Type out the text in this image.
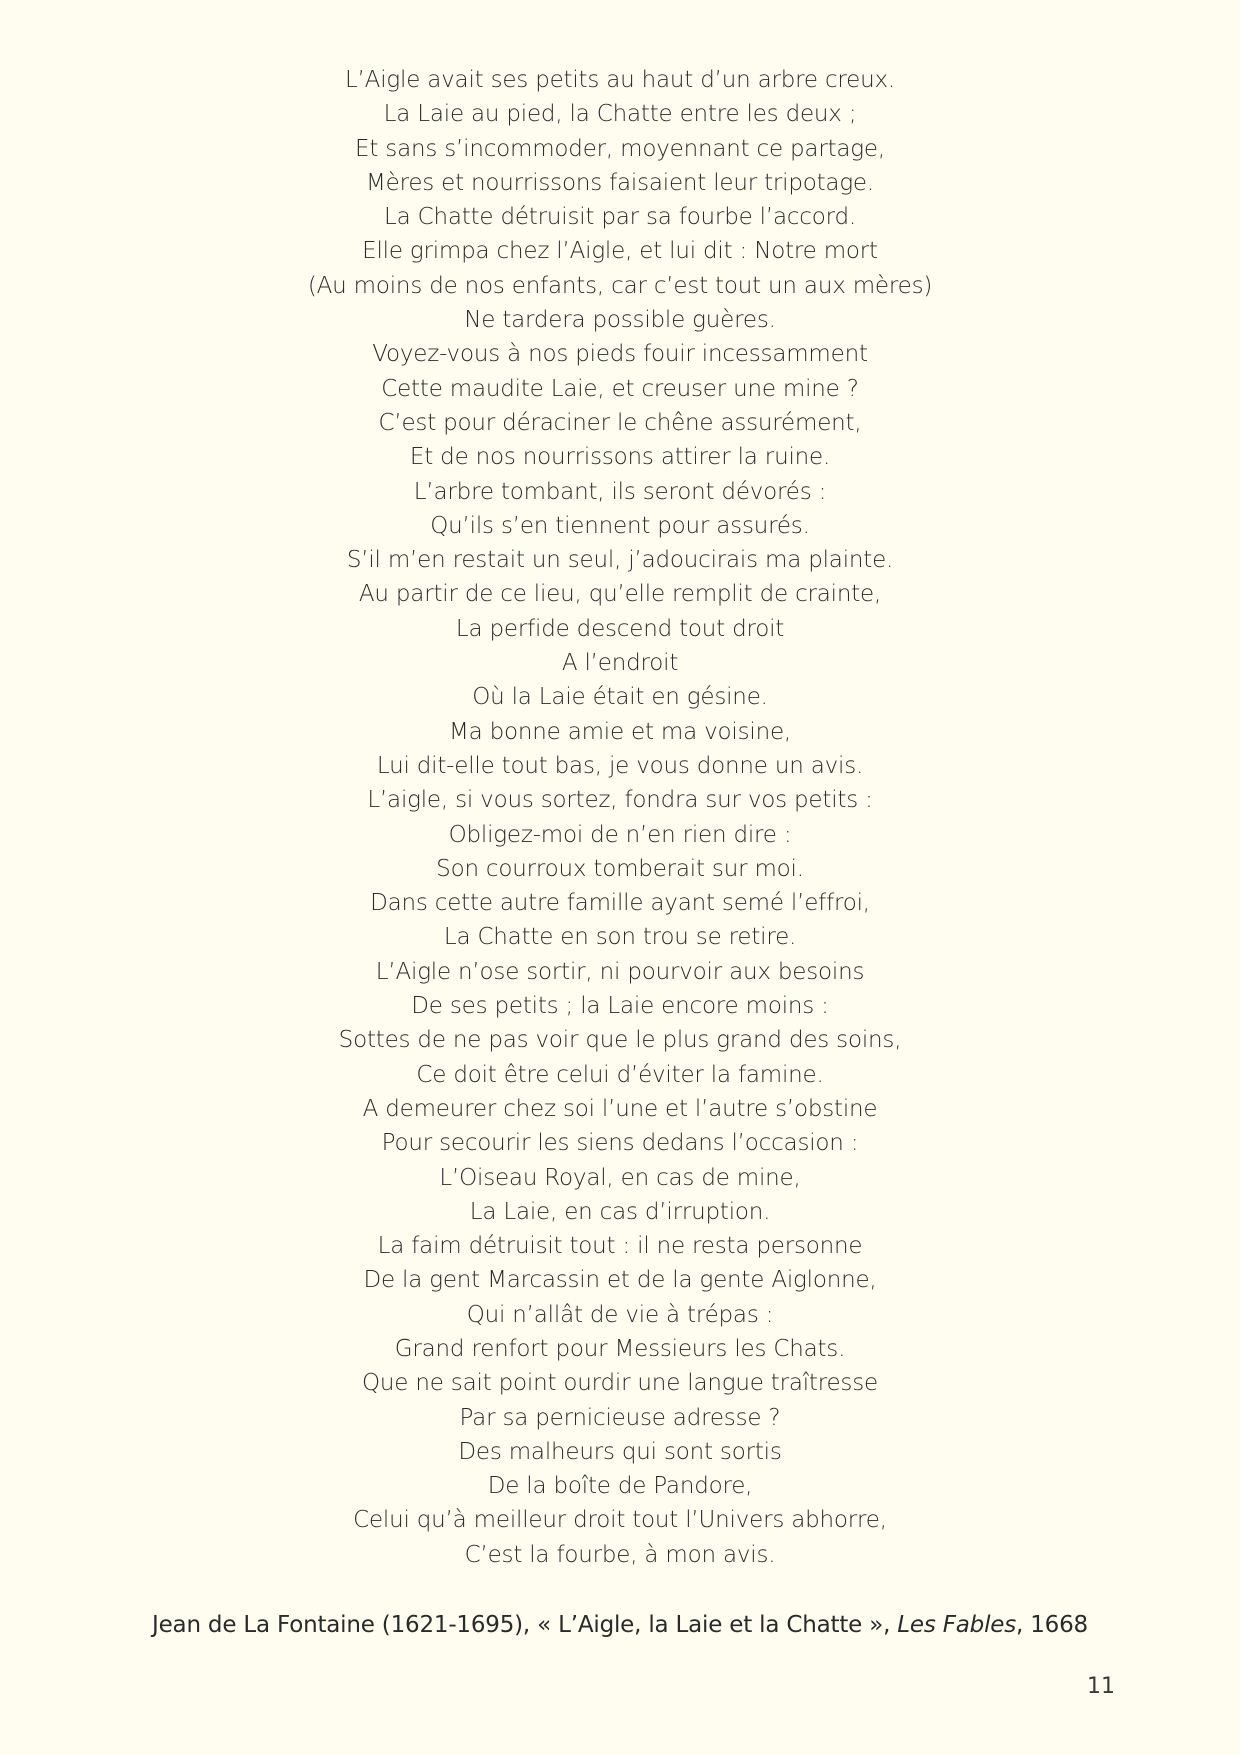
L’Aigle avait ses petits au haut d’un arbre creux.
La Laie au pied, la Chatte entre les deux ;
Et sans s’incommoder, moyennant ce partage,
Mères et nourrissons faisaient leur tripotage.
La Chatte détruisit par sa fourbe l’accord.
Elle grimpa chez l’Aigle, et lui dit : Notre mort
(Au moins de nos enfants, car c’est tout un aux mères)
Ne tardera possible guères.
Voyez-vous à nos pieds fouir incessamment
Cette maudite Laie, et creuser une mine ?
C’est pour déraciner le chêne assurément,
Et de nos nourrissons attirer la ruine.
L’arbre tombant, ils seront dévorés :
Qu’ils s’en tiennent pour assurés.
S’il m’en restait un seul, j’adoucirais ma plainte.
Au partir de ce lieu, qu’elle remplit de crainte,
La perfide descend tout droit
A l’endroit
Où la Laie était en gésine.
Ma bonne amie et ma voisine,
Lui dit-elle tout bas, je vous donne un avis.
L’aigle, si vous sortez, fondra sur vos petits :
Obligez-moi de n’en rien dire :
Son courroux tomberait sur moi.
Dans cette autre famille ayant semé l’effroi,
La Chatte en son trou se retire.
L’Aigle n’ose sortir, ni pourvoir aux besoins
De ses petits ; la Laie encore moins :
Sottes de ne pas voir que le plus grand des soins,
Ce doit être celui d’éviter la famine.
A demeurer chez soi l’une et l’autre s’obstine
Pour secourir les siens dedans l’occasion :
L’Oiseau Royal, en cas de mine,
La Laie, en cas d’irruption.
La faim détruisit tout : il ne resta personne
De la gent Marcassin et de la gente Aiglonne,
Qui n’allât de vie à trépas :
Grand renfort pour Messieurs les Chats.
Que ne sait point ourdir une langue traîtresse
Par sa pernicieuse adresse ?
Des malheurs qui sont sortis
De la boîte de Pandore,
Celui qu’à meilleur droit tout l’Univers abhorre,
C’est la fourbe, à mon avis.
Jean de La Fontaine (1621-1695), « L’Aigle, la Laie et la Chatte », Les Fables, 1668
11
